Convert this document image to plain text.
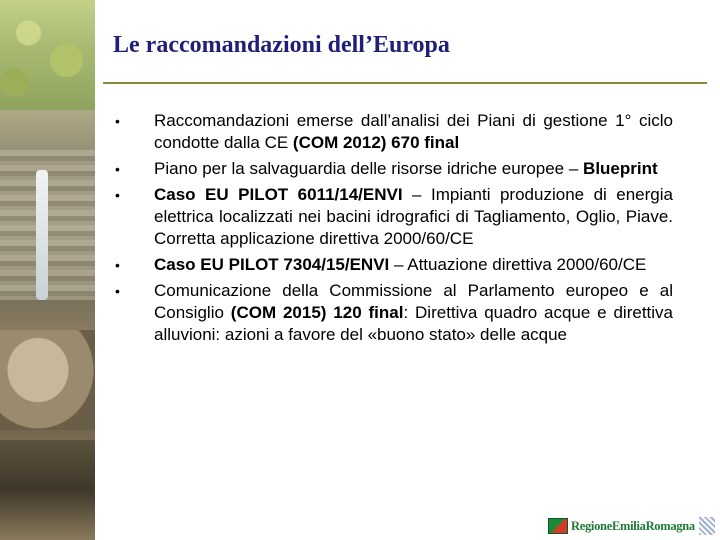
Le raccomandazioni dell’Europa
• Raccomandazioni emerse dall’analisi dei Piani di gestione 1° ciclo condotte dalla CE (COM 2012) 670 final
• Piano per la salvaguardia delle risorse idriche europee – Blueprint
• Caso EU PILOT 6011/14/ENVI – Impianti produzione di energia elettrica localizzati nei bacini idrografici di Tagliamento, Oglio, Piave. Corretta applicazione direttiva 2000/60/CE
• Caso EU PILOT 7304/15/ENVI – Attuazione direttiva 2000/60/CE
• Comunicazione della Commissione al Parlamento europeo e al Consiglio (COM 2015) 120 final: Direttiva quadro acque e direttiva alluvioni: azioni a favore del «buono stato» delle acque
RegioneEmiliaRomagna
